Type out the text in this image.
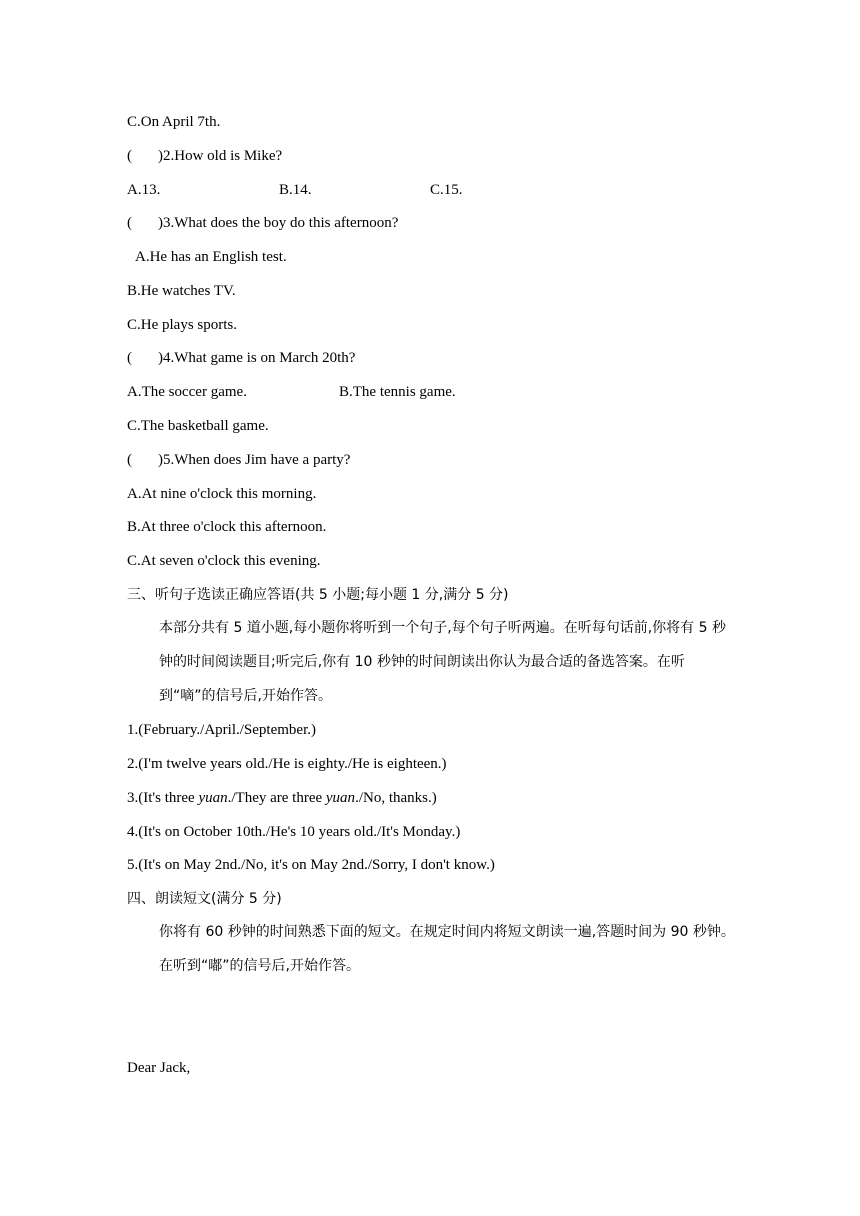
C.On April 7th.
( )2.How old is Mike?
A.13.	B.14.	C.15.
( )3.What does the boy do this afternoon?
A.He has an English test.
B.He watches TV.
C.He plays sports.
( )4.What game is on March 20th?
A.The soccer game.	B.The tennis game.
C.The basketball game.
( )5.When does Jim have a party?
A.At nine o'clock this morning.
B.At three o'clock this afternoon.
C.At seven o'clock this evening.
三、听句子选读正确应答语(共 5 小题;每小题 1 分,满分 5 分)
本部分共有 5 道小题,每小题你将听到一个句子,每个句子听两遍。在听每句话前,你将有 5 秒钟的时间阅读题目;听完后,你有 10 秒钟的时间朗读出你认为最合适的备选答案。在听到“嘀”的信号后,开始作答。
1.(February./April./September.)
2.(I'm twelve years old./He is eighty./He is eighteen.)
3.(It's three yuan./They are three yuan./No, thanks.)
4.(It's on October 10th./He's 10 years old./It's Monday.)
5.(It's on May 2nd./No, it's on May 2nd./Sorry, I don't know.)
四、朗读短文(满分 5 分)
你将有 60 秒钟的时间熟悉下面的短文。在规定时间内将短文朗读一遍,答题时间为 90 秒钟。在听到“嘟”的信号后,开始作答。
Dear Jack,
